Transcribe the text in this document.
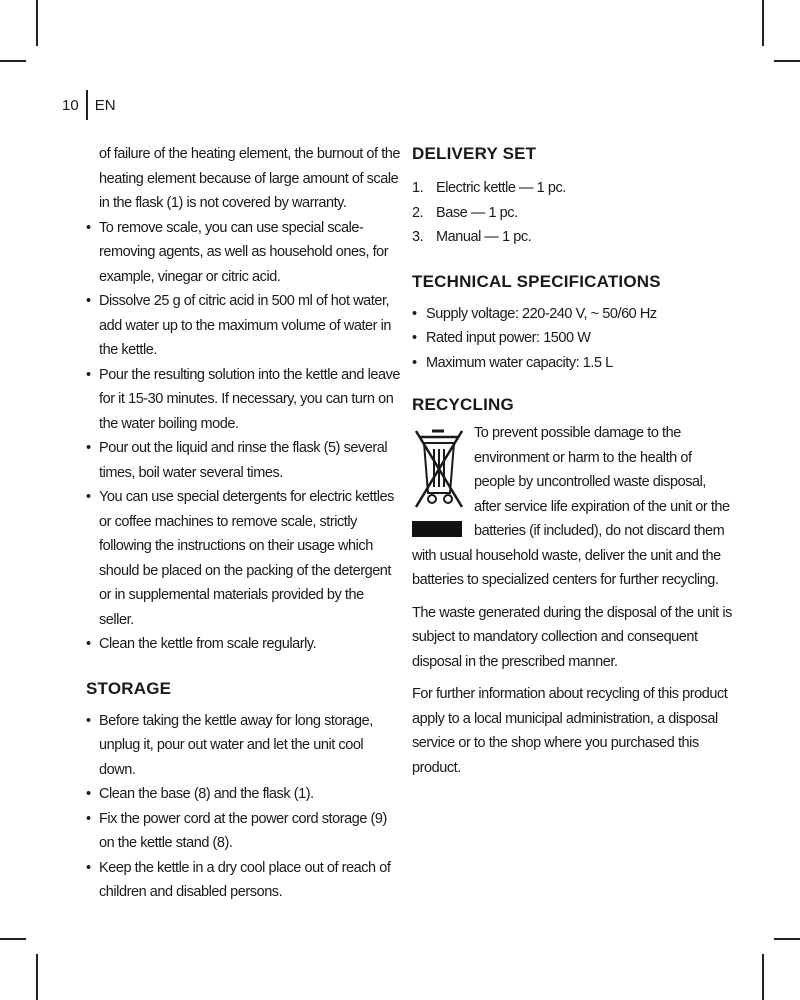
10	EN
of failure of the heating element, the burnout of the heating element because of large amount of scale in the flask (1) is not covered by warranty.
• To remove scale, you can use special scale-removing agents, as well as household ones, for example, vinegar or citric acid.
• Dissolve 25 g of citric acid in 500 ml of hot water, add water up to the maximum volume of water in the kettle.
• Pour the resulting solution into the kettle and leave for it 15-30 minutes. If necessary, you can turn on the water boiling mode.
• Pour out the liquid and rinse the flask (5) several times, boil water several times.
• You can use special detergents for electric kettles or coffee machines to remove scale, strictly following the instructions on their usage which should be placed on the packing of the detergent or in supplemental materials provided by the seller.
• Clean the kettle from scale regularly.
STORAGE
• Before taking the kettle away for long storage, unplug it, pour out water and let the unit cool down.
• Clean the base (8) and the flask (1).
• Fix the power cord at the power cord storage (9) on the kettle stand (8).
• Keep the kettle in a dry cool place out of reach of children and disabled persons.
DELIVERY SET
1. Electric kettle — 1 pc.
2. Base — 1 pc.
3. Manual — 1 pc.
TECHNICAL SPECIFICATIONS
• Supply voltage: 220-240 V, ~ 50/60 Hz
• Rated input power: 1500 W
• Maximum water capacity: 1.5 L
RECYCLING

To prevent possible damage to the environment or harm to the health of people by uncontrolled waste disposal, after service life expiration of the unit or the batteries (if included), do not discard them with usual household waste, deliver the unit and the batteries to specialized centers for further recycling.

The waste generated during the disposal of the unit is subject to mandatory collection and consequent disposal in the prescribed manner.

For further information about recycling of this product apply to a local municipal administration, a disposal service or to the shop where you purchased this product.
